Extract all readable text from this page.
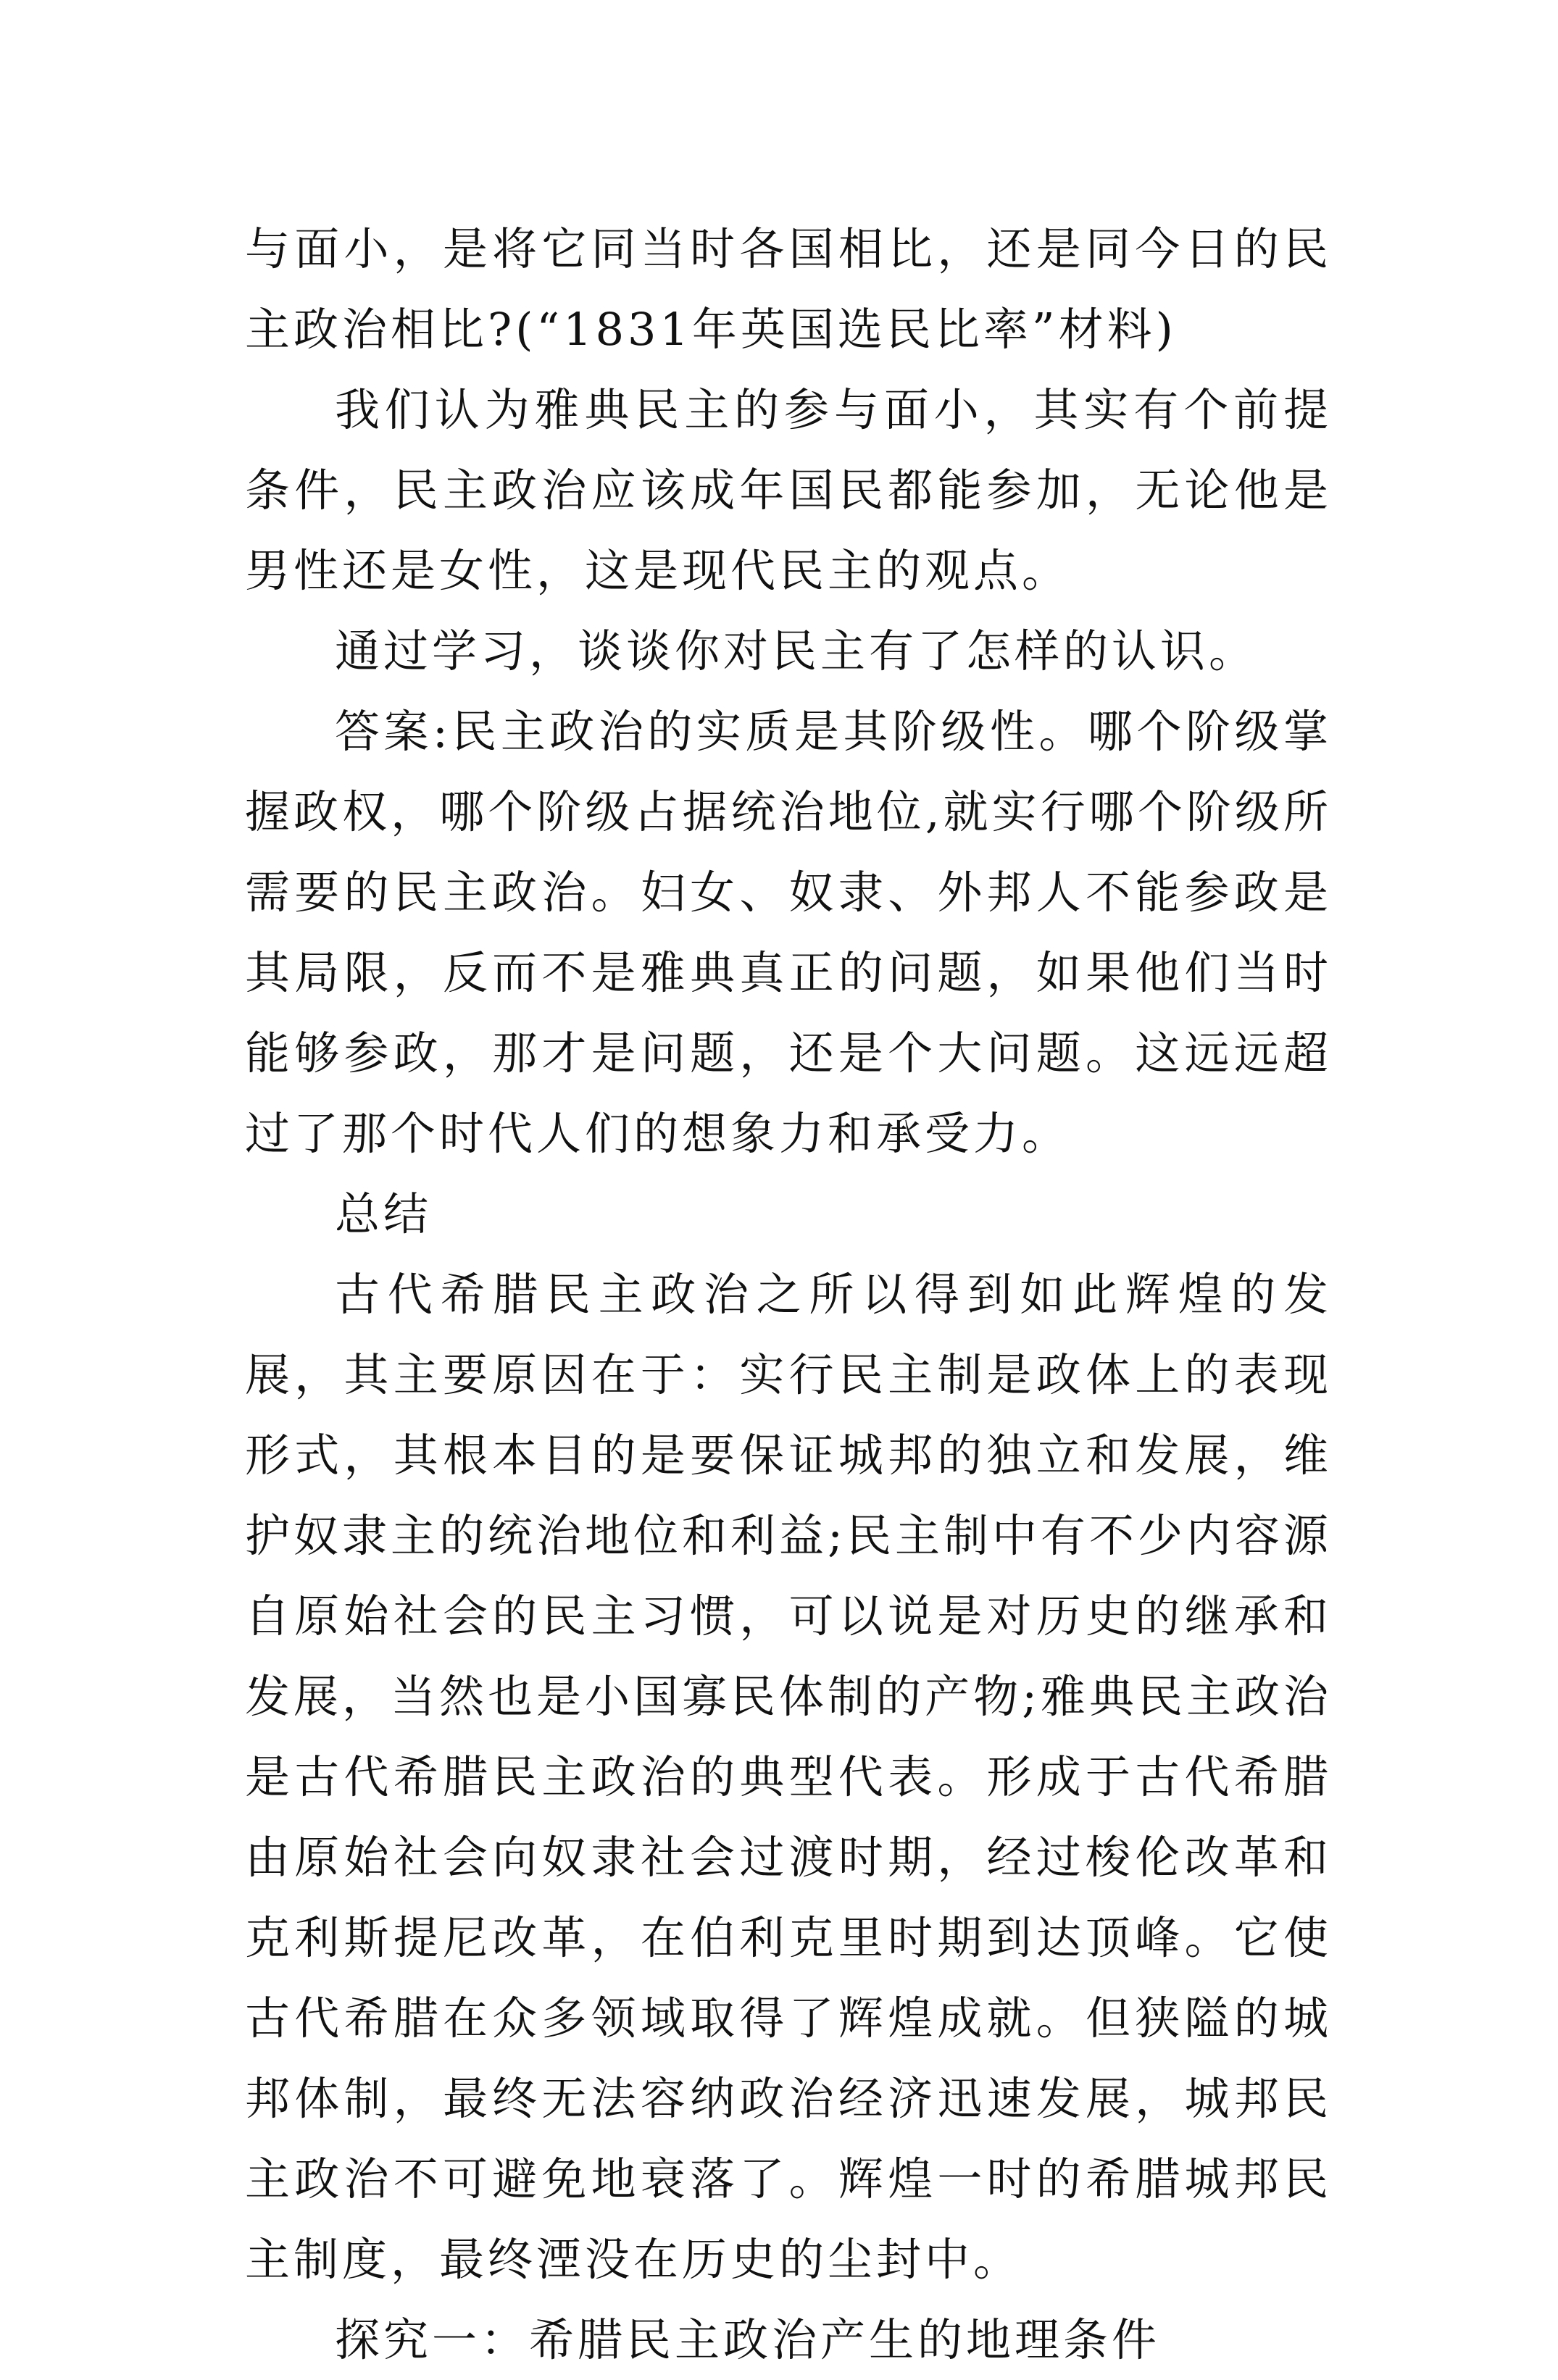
与面小，是将它同当时各国相比，还是同今日的民主政治相比?(“1831年英国选民比率”材料)

我们认为雅典民主的参与面小，其实有个前提条件，民主政治应该成年国民都能参加，无论他是男性还是女性，这是现代民主的观点。

通过学习，谈谈你对民主有了怎样的认识。

答案:民主政治的实质是其阶级性。哪个阶级掌握政权，哪个阶级占据统治地位,就实行哪个阶级所需要的民主政治。妇女、奴隶、外邦人不能参政是其局限，反而不是雅典真正的问题，如果他们当时能够参政，那才是问题，还是个大问题。这远远超过了那个时代人们的想象力和承受力。

总结

古代希腊民主政治之所以得到如此辉煌的发展，其主要原因在于：实行民主制是政体上的表现形式，其根本目的是要保证城邦的独立和发展，维护奴隶主的统治地位和利益;民主制中有不少内容源自原始社会的民主习惯，可以说是对历史的继承和发展，当然也是小国寡民体制的产物;雅典民主政治是古代希腊民主政治的典型代表。形成于古代希腊由原始社会向奴隶社会过渡时期，经过梭伦改革和克利斯提尼改革，在伯利克里时期到达顶峰。它使古代希腊在众多领域取得了辉煌成就。但狭隘的城邦体制，最终无法容纳政治经济迅速发展，城邦民主政治不可避免地衰落了。辉煌一时的希腊城邦民主制度，最终湮没在历史的尘封中。

探究一：希腊民主政治产生的地理条件
